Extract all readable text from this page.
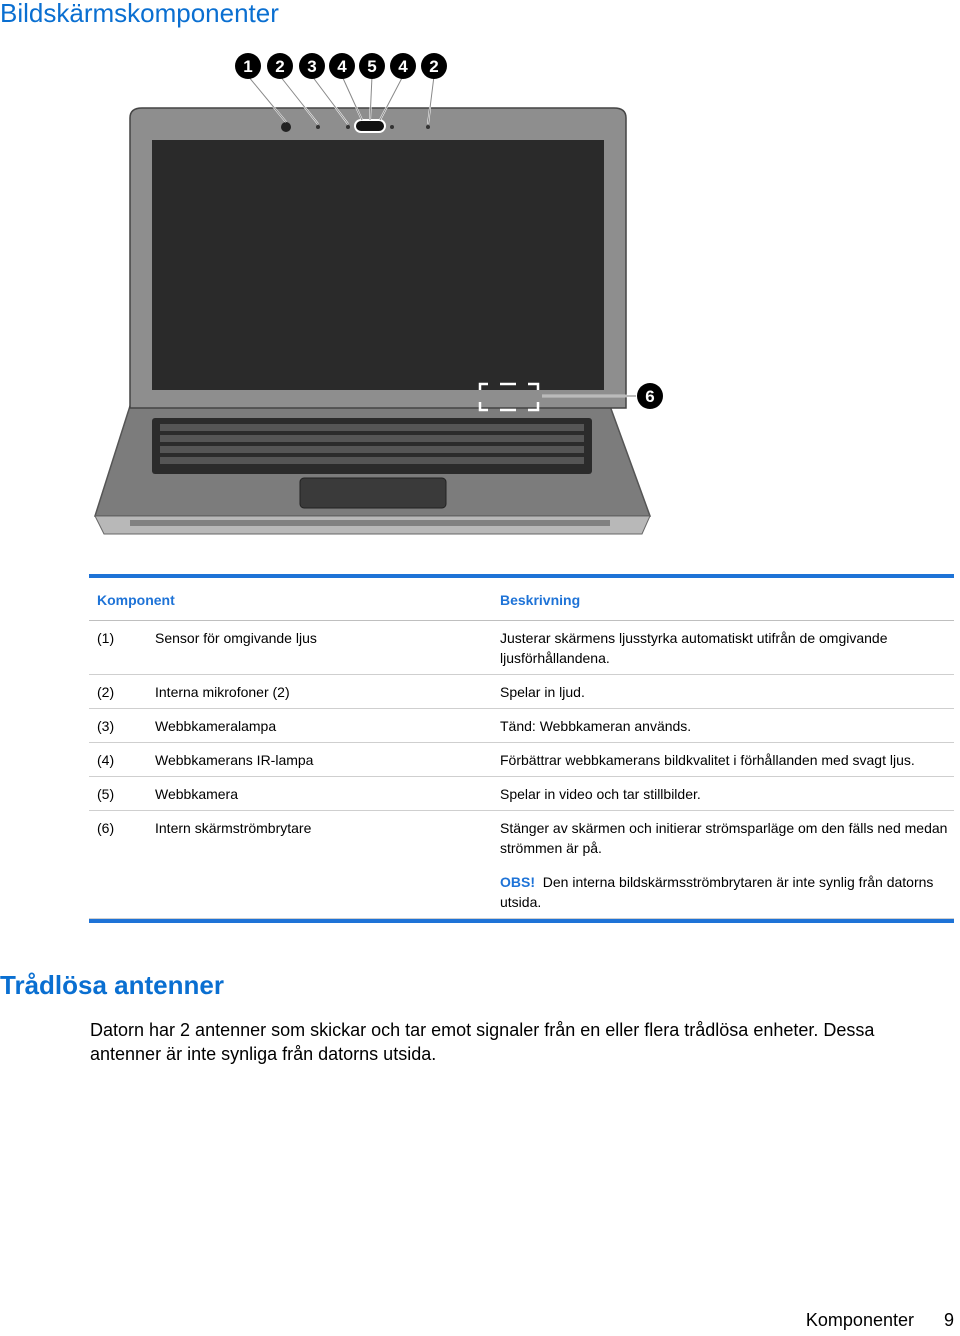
Bildskärmskomponenter
1 2 3 4 5 4 2
6
Komponent	Beskrivning
(1)	Sensor för omgivande ljus	Justerar skärmens ljusstyrka automatiskt utifrån de omgivande ljusförhållandena.
(2)	Interna mikrofoner (2)	Spelar in ljud.
(3)	Webbkameralampa	Tänd: Webbkameran används.
(4)	Webbkamerans IR-lampa	Förbättrar webbkamerans bildkvalitet i förhållanden med svagt ljus.
(5)	Webbkamera	Spelar in video och tar stillbilder.
(6)	Intern skärmströmbrytare	Stänger av skärmen och initierar strömsparläge om den fälls ned medan strömmen är på.
OBS! Den interna bildskärmsströmbrytaren är inte synlig från datorns utsida.
Trådlösa antenner

Datorn har 2 antenner som skickar och tar emot signaler från en eller flera trådlösa enheter. Dessa antenner är inte synliga från datorns utsida.

Komponenter 9
